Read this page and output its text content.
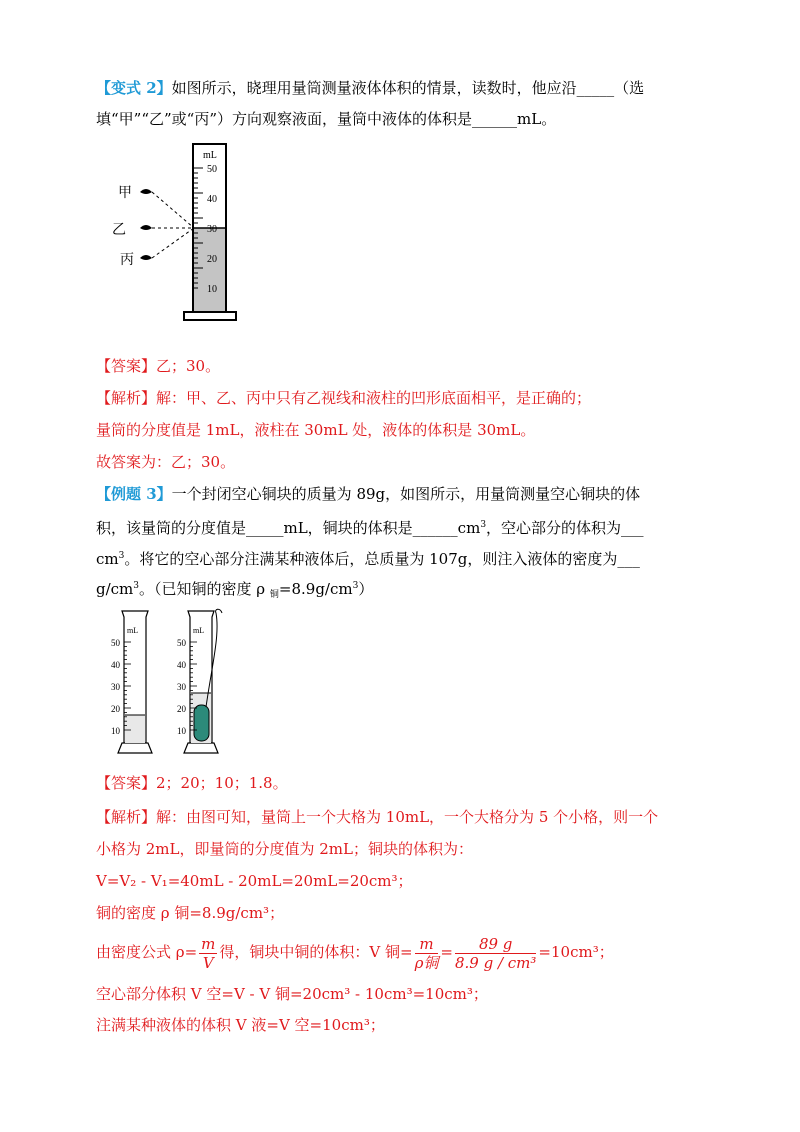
【变式 2】如图所示，晓理用量筒测量液体体积的情景，读数时，他应沿_____（选
填“甲”“乙”或“丙”）方向观察液面，量筒中液体的体积是______mL。
mL
50
40
30
20
10
甲
乙
丙
【答案】乙；30。
【解析】解：甲、乙、丙中只有乙视线和液柱的凹形底面相平，是正确的；
量筒的分度值是 1mL，液柱在 30mL 处，液体的体积是 30mL。
故答案为：乙；30。
【例题 3】一个封闭空心铜块的质量为 89g，如图所示，用量筒测量空心铜块的体
积，该量筒的分度值是_____mL，铜块的体积是$\_\_\_\_\_\_cm^3$，空心部分的体积为___
$cm^3$。将它的空心部分注满某种液体后，总质量为 107g，则注入液体的密度为___
$g/cm^3$。（已知铜的密度 ρ $_铜=8.9g/cm^3$）
mL
50
40
30
20
10
mL
50
40
30
20
10
【答案】2；20；10；1.8。
【解析】解：由图可知，量筒上一个大格为 10mL，一个大格分为 5 个小格，则一个
小格为 2mL，即量筒的分度值为 2mL；铜块的体积为：
V=V₂ - V₁=40mL - 20mL=20mL=20cm³；
铜的密度 ρ 铜=8.9g/cm³；
由密度公式 $\rho= \frac{m}{V}$ 得，铜块中铜的体积：V 铜= $\frac{m}{\text{ρ铜}} = \frac{89 g}{\text{8.9 g / cm³}} =10cm^3$；
空心部分体积 V 空=V - V 铜=20cm³ - 10cm³=10cm³；
注满某种液体的体积 V 液=V 空=10cm³；
